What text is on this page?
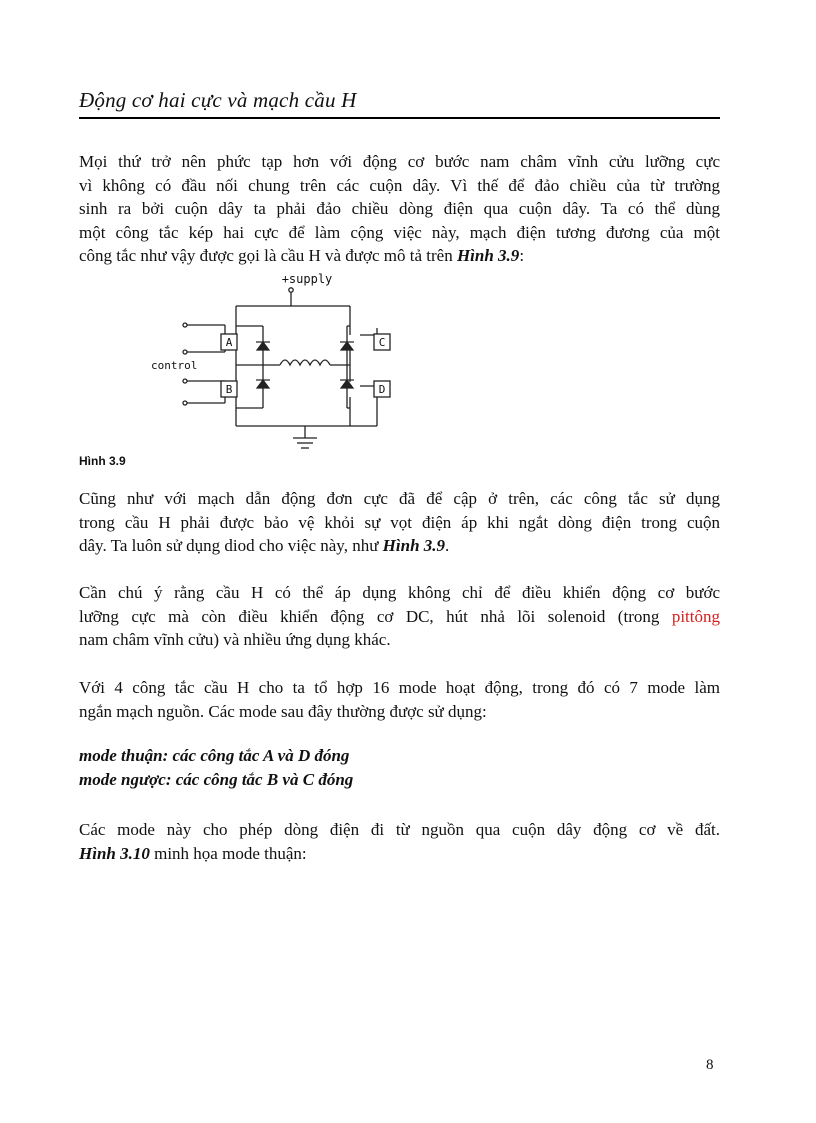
Động cơ hai cực và mạch cầu H
Mọi thứ trở nên phức tạp hơn với động cơ bước nam châm vĩnh cửu lưỡng cực
vì không có đầu nối chung trên các cuộn dây. Vì thế để đảo chiều của từ trường
sinh ra bởi cuộn dây ta phải đảo chiều dòng điện qua cuộn dây. Ta có thể dùng
một công tắc kép hai cực để làm cộng việc này, mạch điện tương đương của một
công tắc như vậy được gọi là cầu H và được mô tả trên Hình 3.9:
A
B
C
D
+supply
control
Hình 3.9
Cũng như với mạch dẫn động đơn cực đã để cập ở trên, các công tắc sử dụng
trong cầu H phải được bảo vệ khỏi sự vọt điện áp khi ngắt dòng điện trong cuộn
dây. Ta luôn sử dụng diod cho việc này, như Hình 3.9.
Cần chú ý rằng cầu H có thể áp dụng không chỉ để điều khiển động cơ bước
lưỡng cực mà còn điều khiển động cơ DC, hút nhả lõi solenoid (trong pittông
nam châm vĩnh cửu) và nhiều ứng dụng khác.
Với 4 công tắc cầu H cho ta tổ hợp 16 mode hoạt động, trong đó có 7 mode làm
ngắn mạch nguồn. Các mode sau đây thường được sử dụng:
mode thuận: các công tắc A và D đóng
mode ngược: các công tắc B và C đóng
Các mode này cho phép dòng điện đi từ nguồn qua cuộn dây động cơ về đất.
Hình 3.10 minh họa mode thuận:
8
